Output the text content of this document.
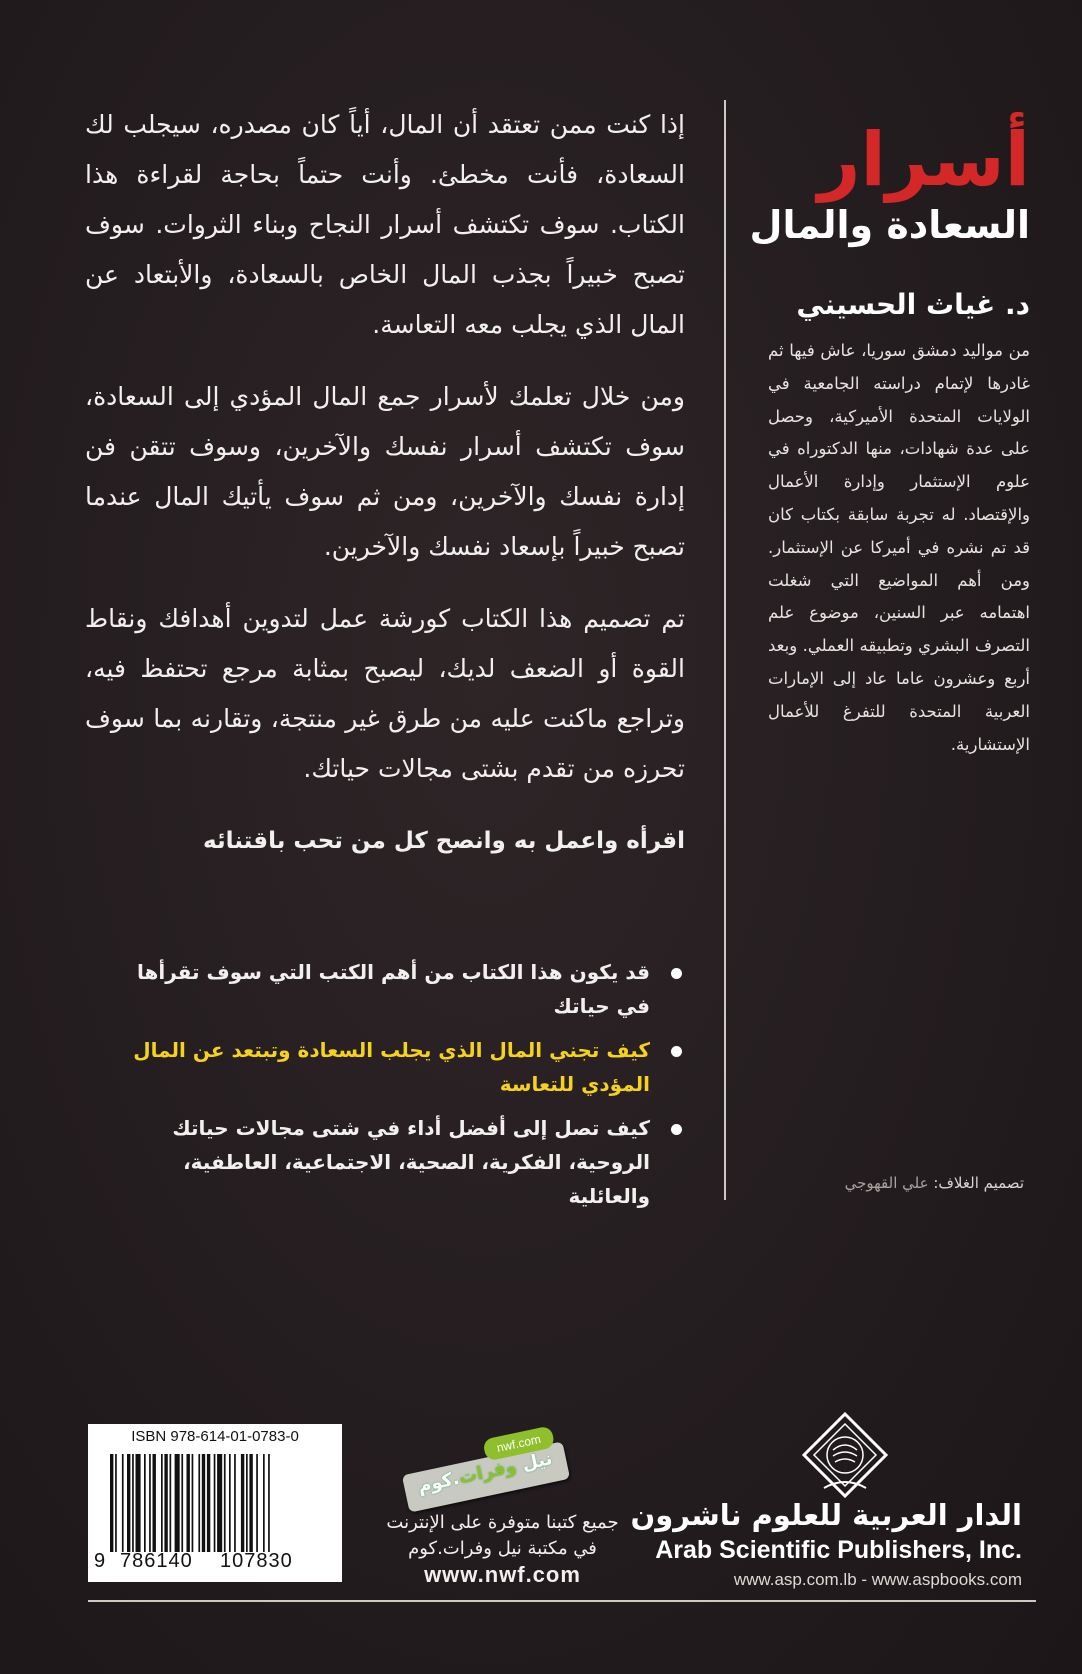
إذا كنت ممن تعتقد أن المال، أياً كان مصدره، سيجلب لك السعادة، فأنت مخطئ. وأنت حتماً بحاجة لقراءة هذا الكتاب. سوف تكتشف أسرار النجاح وبناء الثروات. سوف تصبح خبيراً بجذب المال الخاص بالسعادة، والأبتعاد عن المال الذي يجلب معه التعاسة.

ومن خلال تعلمك لأسرار جمع المال المؤدي إلى السعادة، سوف تكتشف أسرار نفسك والآخرين، وسوف تتقن فن إدارة نفسك والآخرين، ومن ثم سوف يأتيك المال عندما تصبح خبيراً بإسعاد نفسك والآخرين.

تم تصميم هذا الكتاب كورشة عمل لتدوين أهدافك ونقاط القوة أو الضعف لديك، ليصبح بمثابة مرجع تحتفظ فيه، وتراجع ماكنت عليه من طرق غير منتجة، وتقارنه بما سوف تحرزه من تقدم بشتى مجالات حياتك.

اقرأه واعمل به وانصح كل من تحب باقتنائه

أسرار
السعادة والمال
د. غياث الحسيني

من مواليد دمشق سوريا، عاش فيها ثم غادرها لإتمام دراسته الجامعية في الولايات المتحدة الأميركية، وحصل على عدة شهادات، منها الدكتوراه في علوم الإستثمار وإدارة الأعمال والإقتصاد. له تجربة سابقة بكتاب كان قد تم نشره في أميركا عن الإستثمار. ومن أهم المواضيع التي شغلت اهتمامه عبر السنين، موضوع علم التصرف البشري وتطبيقه العملي. وبعد أربع وعشرون عاما عاد إلى الإمارات العربية المتحدة للتفرغ للأعمال الإستشارية.

قد يكون هذا الكتاب من أهم الكتب التي سوف تقرأها في حياتك
كيف تجني المال الذي يجلب السعادة وتبتعد عن المال المؤدي للتعاسة
كيف تصل إلى أفضل أداء في شتى مجالات حياتك الروحية، الفكرية، الصحية، الاجتماعية، العاطفية، والعائلية
تصميم الغلاف: علي القهوجي
ISBN 978-614-01-0783-0
9 786140 107830
nwf.com
نيل وفرات.كوم
جميع كتبنا متوفرة على الإنترنت
في مكتبة نيل وفرات.كوم
www.nwf.com
الدار العربية للعلوم ناشرون
Arab Scientific Publishers, Inc.
www.asp.com.lb - www.aspbooks.com
